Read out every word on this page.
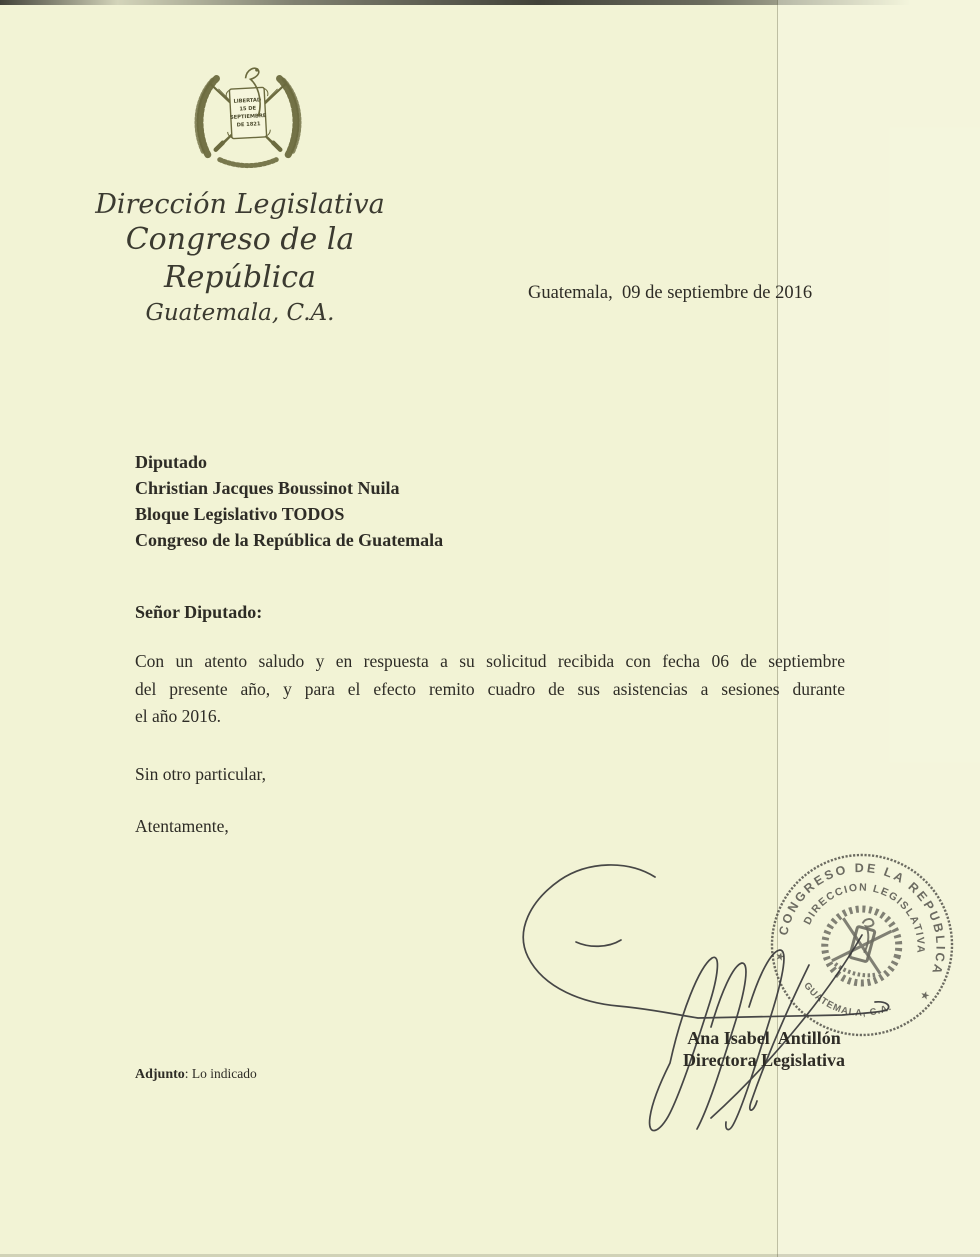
LIBERTAD
15 DE
SEPTIEMBRE
DE 1821
Dirección Legislativa
Congreso de la República
Guatemala, C.A.
Guatemala,  09 de septiembre de 2016
Diputado
Christian Jacques Boussinot Nuila
Bloque Legislativo TODOS
Congreso de la República de Guatemala
Señor Diputado:
Con un atento saludo y en respuesta a su solicitud recibida con fecha 06 de septiembre
del presente año, y para el efecto remito cuadro de sus asistencias a sesiones durante
el año 2016.
Sin otro particular,
Atentamente,
CONGRESO DE LA REPUBLICA
DIRECCION LEGISLATIVA
GUATEMALA, C.A.
★
★
Ana Isabel  Antillón
Directora Legislativa
Adjunto: Lo indicado
